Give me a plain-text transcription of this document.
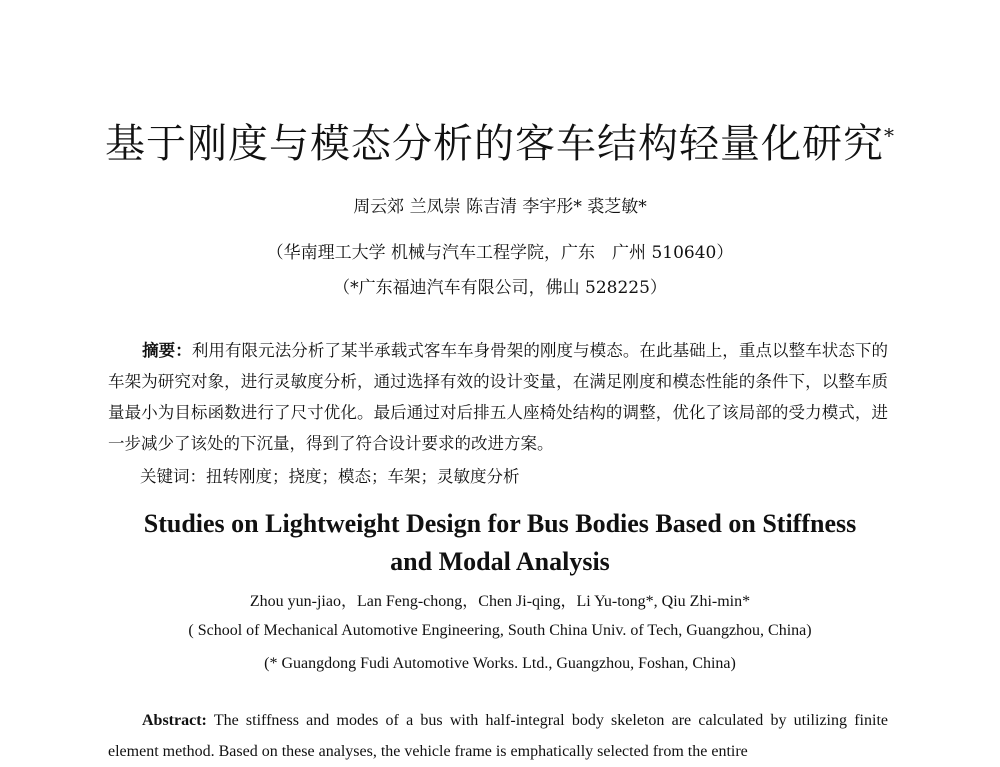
基于刚度与模态分析的客车结构轻量化研究*
周云郊 兰凤崇 陈吉清 李宇彤* 裘芝敏*
（华南理工大学 机械与汽车工程学院，广东　广州 510640）
（*广东福迪汽车有限公司，佛山 528225）
摘要：利用有限元法分析了某半承载式客车车身骨架的刚度与模态。在此基础上，重点以整车状态下的车架为研究对象，进行灵敏度分析，通过选择有效的设计变量，在满足刚度和模态性能的条件下，以整车质量最小为目标函数进行了尺寸优化。最后通过对后排五人座椅处结构的调整，优化了该局部的受力模式，进一步减少了该处的下沉量，得到了符合设计要求的改进方案。
关键词：扭转刚度；挠度；模态；车架；灵敏度分析
Studies on Lightweight Design for Bus Bodies Based on Stiffness
and Modal Analysis
Zhou yun-jiao，Lan Feng-chong，Chen Ji-qing，Li Yu-tong*, Qiu Zhi-min*
( School of Mechanical Automotive Engineering, South China Univ. of Tech, Guangzhou, China)
(* Guangdong Fudi Automotive Works. Ltd., Guangzhou, Foshan, China)
Abstract: The stiffness and modes of a bus with half-integral body skeleton are calculated by utilizing finite element method. Based on these analyses, the vehicle frame is emphatically selected from the entire
